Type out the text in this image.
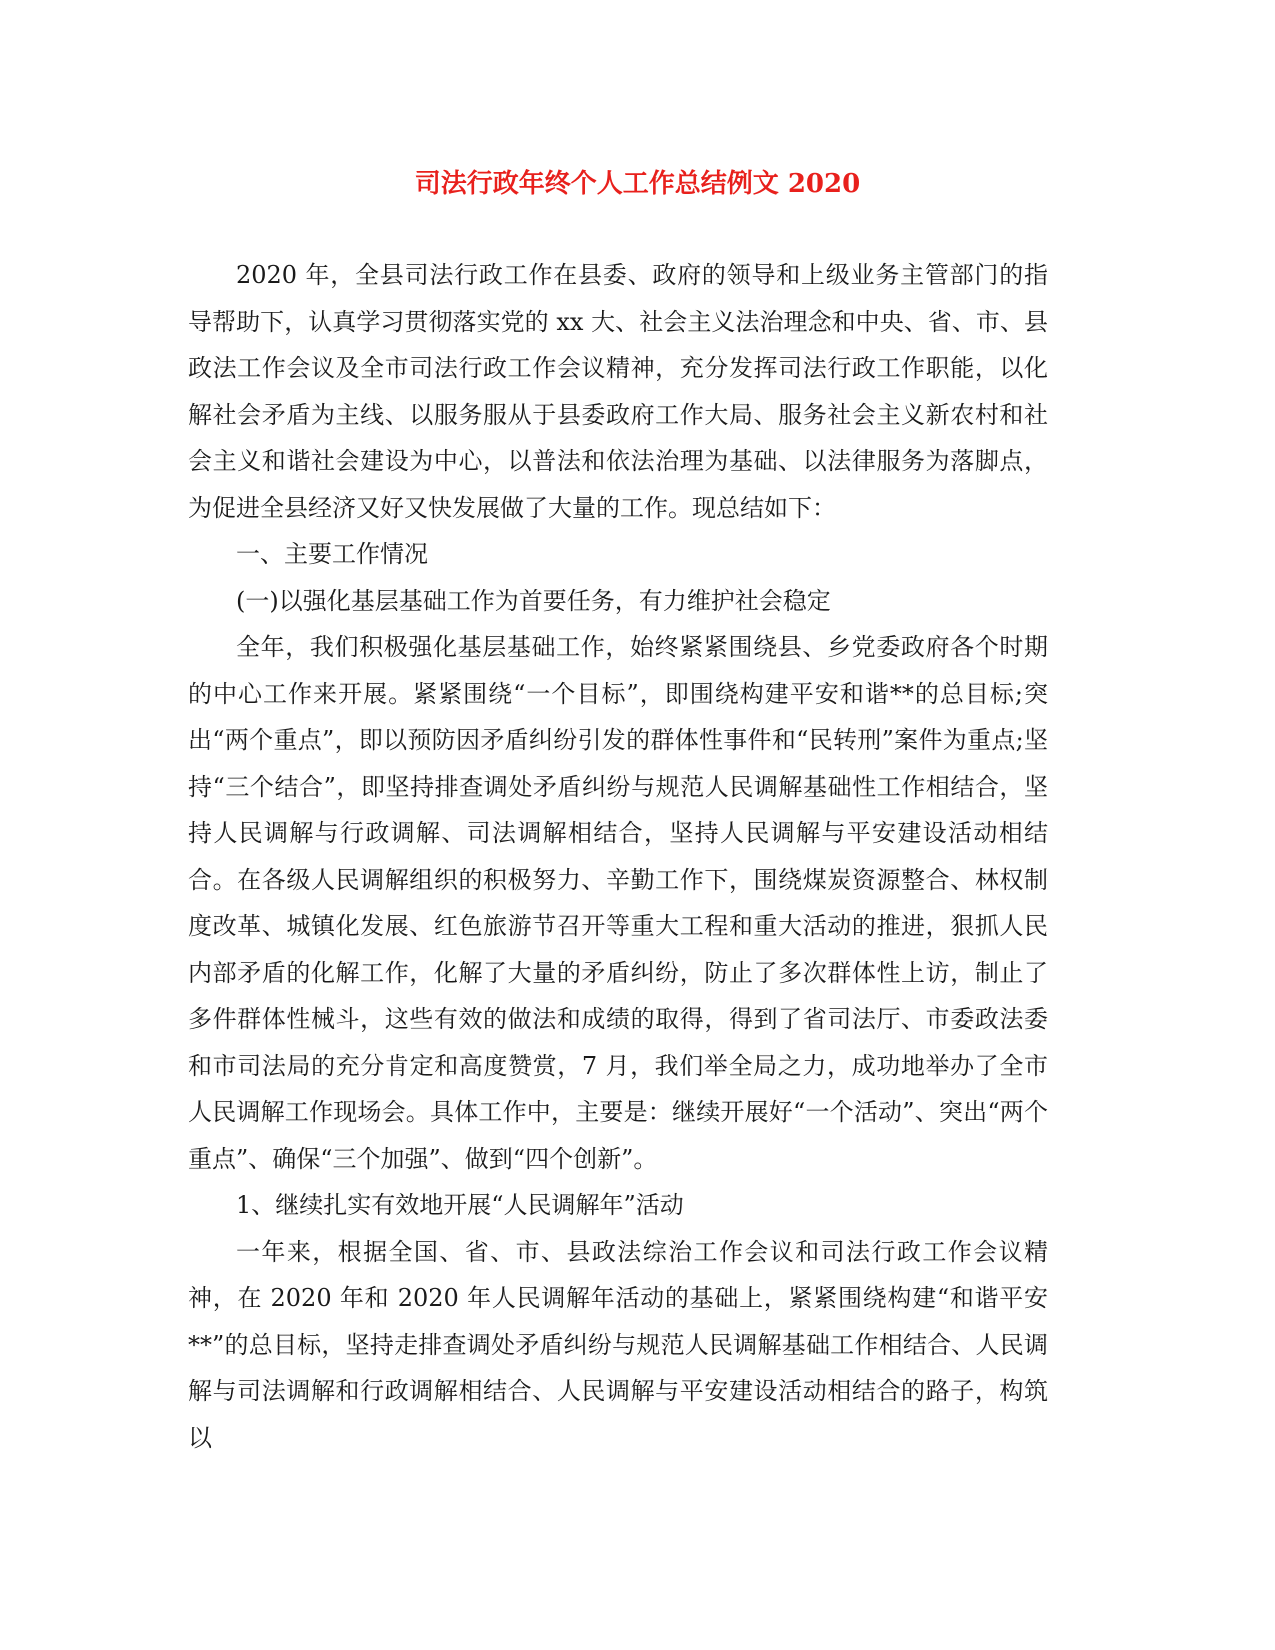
司法行政年终个人工作总结例文 2020

2020 年，全县司法行政工作在县委、政府的领导和上级业务主管部门的指导帮助下，认真学习贯彻落实党的 xx 大、社会主义法治理念和中央、省、市、县政法工作会议及全市司法行政工作会议精神，充分发挥司法行政工作职能，以化解社会矛盾为主线、以服务服从于县委政府工作大局、服务社会主义新农村和社会主义和谐社会建设为中心，以普法和依法治理为基础、以法律服务为落脚点，为促进全县经济又好又快发展做了大量的工作。现总结如下：

一、主要工作情况

(一)以强化基层基础工作为首要任务，有力维护社会稳定

全年，我们积极强化基层基础工作，始终紧紧围绕县、乡党委政府各个时期的中心工作来开展。紧紧围绕“一个目标”，即围绕构建平安和谐**的总目标;突出“两个重点”，即以预防因矛盾纠纷引发的群体性事件和“民转刑”案件为重点;坚持“三个结合”，即坚持排查调处矛盾纠纷与规范人民调解基础性工作相结合，坚持人民调解与行政调解、司法调解相结合，坚持人民调解与平安建设活动相结合。在各级人民调解组织的积极努力、辛勤工作下，围绕煤炭资源整合、林权制度改革、城镇化发展、红色旅游节召开等重大工程和重大活动的推进，狠抓人民内部矛盾的化解工作，化解了大量的矛盾纠纷，防止了多次群体性上访，制止了多件群体性械斗，这些有效的做法和成绩的取得，得到了省司法厅、市委政法委和市司法局的充分肯定和高度赞赏，7 月，我们举全局之力，成功地举办了全市人民调解工作现场会。具体工作中，主要是：继续开展好“一个活动”、突出“两个重点”、确保“三个加强”、做到“四个创新”。

1、继续扎实有效地开展“人民调解年”活动

一年来，根据全国、省、市、县政法综治工作会议和司法行政工作会议精神，在 2020 年和 2020 年人民调解年活动的基础上，紧紧围绕构建“和谐平安**”的总目标，坚持走排查调处矛盾纠纷与规范人民调解基础工作相结合、人民调解与司法调解和行政调解相结合、人民调解与平安建设活动相结合的路子，构筑以
